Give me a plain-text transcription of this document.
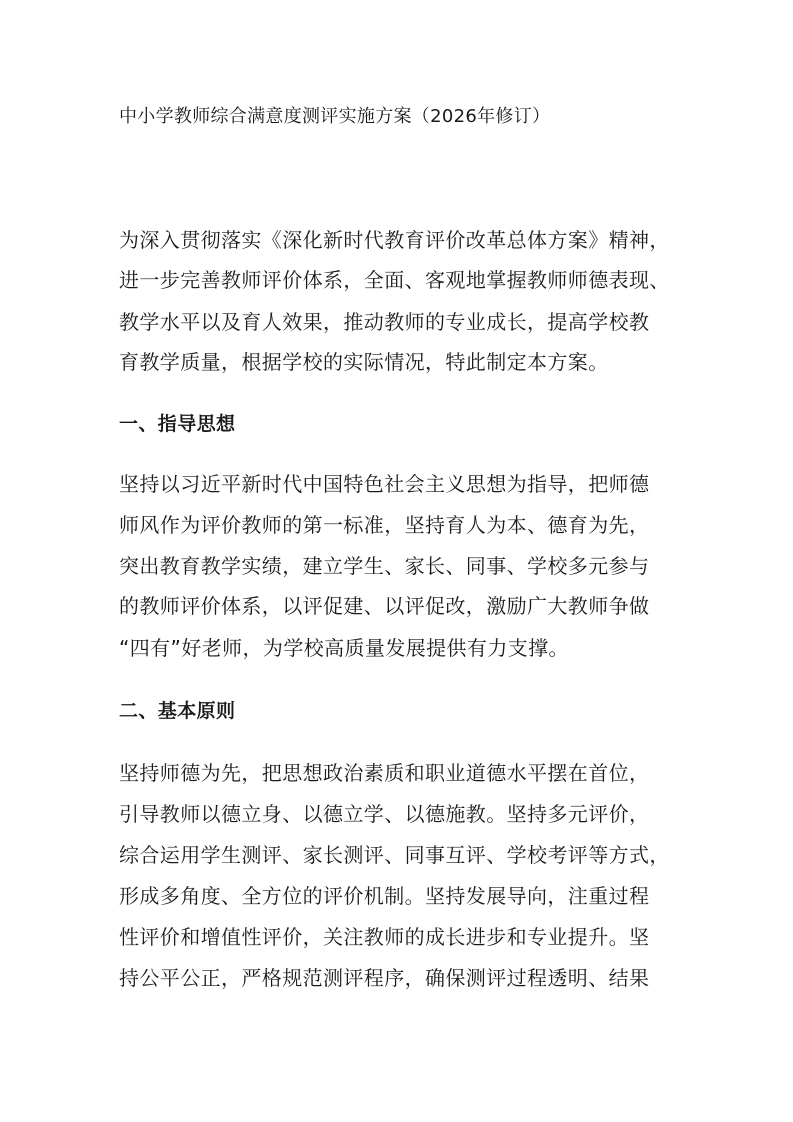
中小学教师综合满意度测评实施方案（2026年修订）
为深入贯彻落实《深化新时代教育评价改革总体方案》精神，
进一步完善教师评价体系，全面、客观地掌握教师师德表现、
教学水平以及育人效果，推动教师的专业成长，提高学校教
育教学质量，根据学校的实际情况，特此制定本方案。
一、指导思想
坚持以习近平新时代中国特色社会主义思想为指导，把师德
师风作为评价教师的第一标准，坚持育人为本、德育为先，
突出教育教学实绩，建立学生、家长、同事、学校多元参与
的教师评价体系，以评促建、以评促改，激励广大教师争做
“四有”好老师，为学校高质量发展提供有力支撑。
二、基本原则
坚持师德为先，把思想政治素质和职业道德水平摆在首位，
引导教师以德立身、以德立学、以德施教。坚持多元评价，
综合运用学生测评、家长测评、同事互评、学校考评等方式，
形成多角度、全方位的评价机制。坚持发展导向，注重过程
性评价和增值性评价，关注教师的成长进步和专业提升。坚
持公平公正，严格规范测评程序，确保测评过程透明、结果
